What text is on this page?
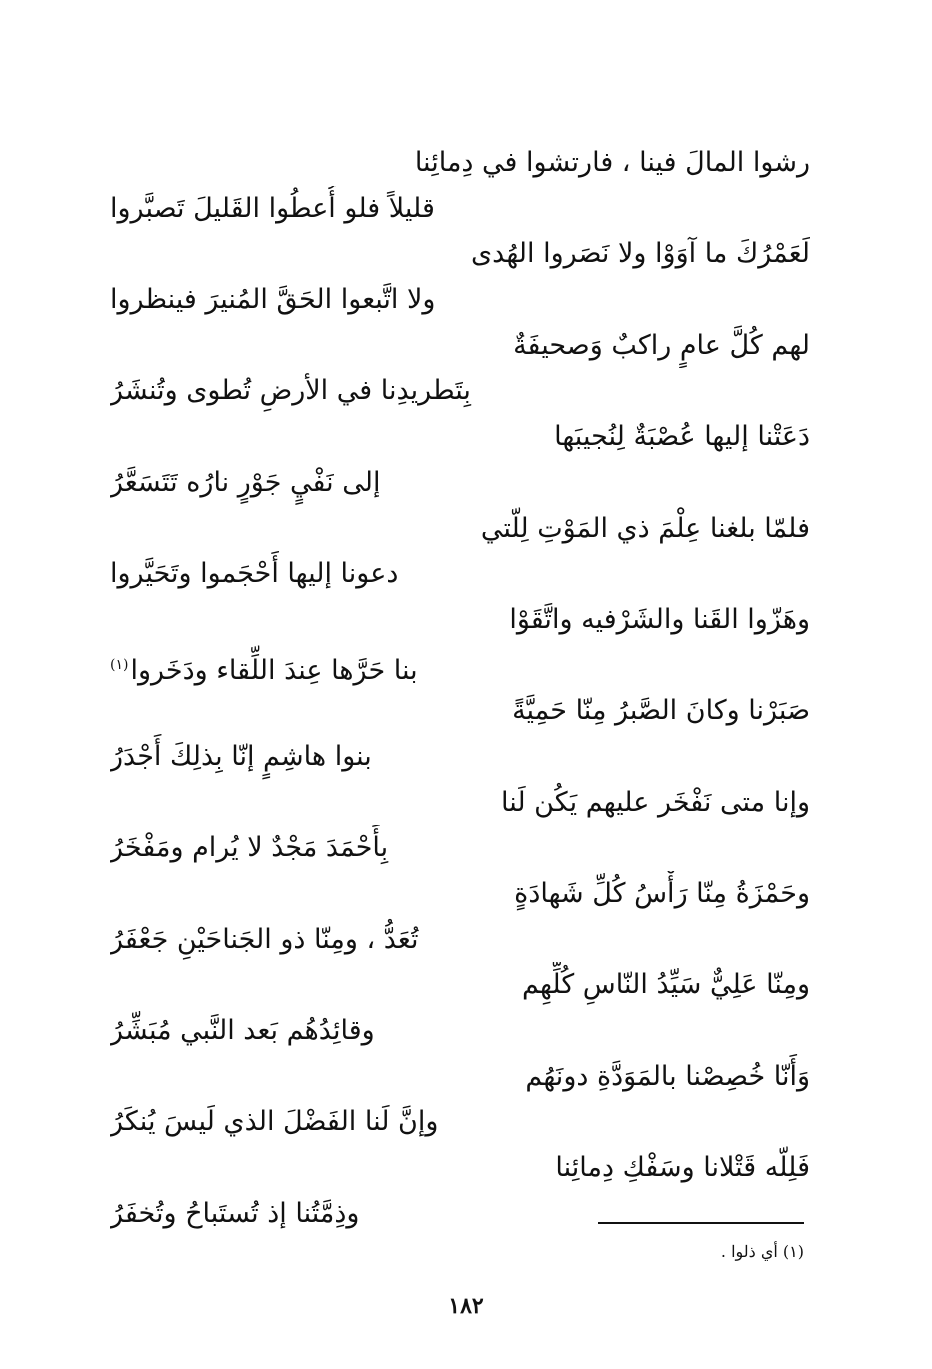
رشوا المالَ فينا ، فارتشوا في دِمائِنا
قليلاً فلو أُعطُوا القَليلَ تَصبَّروا
لَعَمْرُكَ ما آوَوْا ولا نَصَروا الهُدى
ولا اتَّبعوا الحَقَّ المُنيرَ فينظروا
لهم كُلَّ عامٍ راكبٌ وَصحيفَةٌ
بِتَطريدِنا في الأرضِ تُطوى وتُنشَرُ
دَعَتْنا إليها عُصْبَةٌ لِنُجيبَها
إلى نَفْيٍ جَوْرٍ نارُه تَتَسَعَّرُ
فلمّا بلغنا عِلْمَ ذي المَوْتِ لِلّتي
دعونا إليها أَحْجَموا وتَحَيَّروا
وهَزّوا القَنا والشَرْفيه واتَّقَوْا
بنا حَرَّها عِندَ اللِّقاء ودَخَروا$^{(١)}$
صَبَرْنا وكانَ الصَّبرُ مِنّا حَمِيَّةً
بنوا هاشِمٍ إنّا بِذلِكَ أَجْدَرُ
وإنا متى نَفْخَر عليهم يَكُن لَنا
بِأَحْمَدَ مَجْدٌ لا يُرام ومَفْخَرُ
وحَمْزَةُ مِنّا رَأْسُ كُلِّ شَهادَةٍ
تُعَدُّ ، ومِنّا ذو الجَناحَيْنِ جَعْفَرُ
ومِنّا عَلِيٌّ سَيِّدُ النّاسِ كُلِّهِم
وقائِدُهُم بَعد النَّبي مُبَشِّرُ
وَأَنّا خُصِصْنا بالمَوَدَّةِ دونَهُم
وإنَّ لَنا الفَضْلَ الذي لَيسَ يُنكَرُ
فَلِلّه قَتْلانا وسَفْكِ دِمائِنا
وذِمَّتُنا إذ تُستَباحُ وتُخفَرُ
(١) أي ذلوا .
١٨٢
